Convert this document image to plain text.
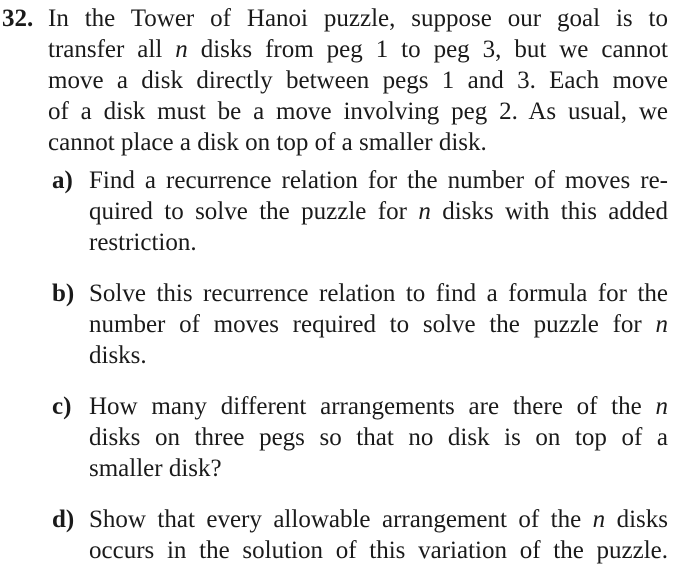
32. In the Tower of Hanoi puzzle, suppose our goal is to
transfer all n disks from peg 1 to peg 3, but we cannot
move a disk directly between pegs 1 and 3. Each move
of a disk must be a move involving peg 2. As usual, we
cannot place a disk on top of a smaller disk.
a) Find a recurrence relation for the number of moves re-
quired to solve the puzzle for n disks with this added
restriction.
b) Solve this recurrence relation to find a formula for the
number of moves required to solve the puzzle for n
disks.
c) How many different arrangements are there of the n
disks on three pegs so that no disk is on top of a
smaller disk?
d) Show that every allowable arrangement of the n disks
occurs in the solution of this variation of the puzzle.
